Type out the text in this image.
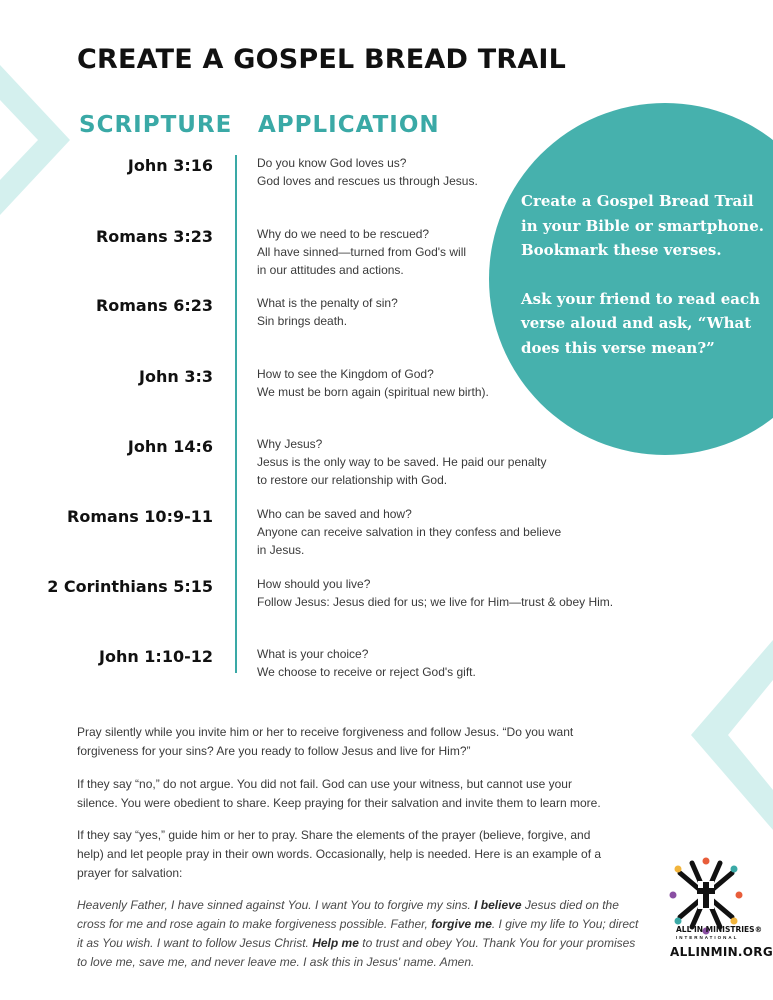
CREATE A GOSPEL BREAD TRAIL
SCRIPTURE APPLICATION
John 3:16	Do you know God loves us?
God loves and rescues us through Jesus.
Romans 3:23	Why do we need to be rescued?
All have sinned—turned from God's will
in our attitudes and actions.
Romans 6:23	What is the penalty of sin?
Sin brings death.
John 3:3	How to see the Kingdom of God?
We must be born again (spiritual new birth).
John 14:6	Why Jesus?
Jesus is the only way to be saved. He paid our penalty
to restore our relationship with God.
Romans 10:9-11	Who can be saved and how?
Anyone can receive salvation in they confess and believe
in Jesus.
2 Corinthians 5:15	How should you live?
Follow Jesus: Jesus died for us; we live for Him—trust & obey Him.
John 1:10-12	What is your choice?
We choose to receive or reject God's gift.
Create a Gospel Bread Trail
in your Bible or smartphone.
Bookmark these verses.
Ask your friend to read each
verse aloud and ask, “What
does this verse mean?”
Pray silently while you invite him or her to receive forgiveness and follow Jesus. “Do you want
forgiveness for your sins? Are you ready to follow Jesus and live for Him?”
If they say “no,” do not argue. You did not fail. God can use your witness, but cannot use your
silence. You were obedient to share. Keep praying for their salvation and invite them to learn more.
If they say “yes,” guide him or her to pray. Share the elements of the prayer (believe, forgive, and
help) and let people pray in their own words. Occasionally, help is needed. Here is an example of a
prayer for salvation:
Heavenly Father, I have sinned against You. I want You to forgive my sins. I believe Jesus died on the
cross for me and rose again to make forgiveness possible. Father, forgive me. I give my life to You; direct
it as You wish. I want to follow Jesus Christ. Help me to trust and obey You. Thank You for your promises
to love me, save me, and never leave me. I ask this in Jesus' name. Amen.
ALL IN MINISTRIES®
INTERNATIONAL
ALLINMIN.ORG
